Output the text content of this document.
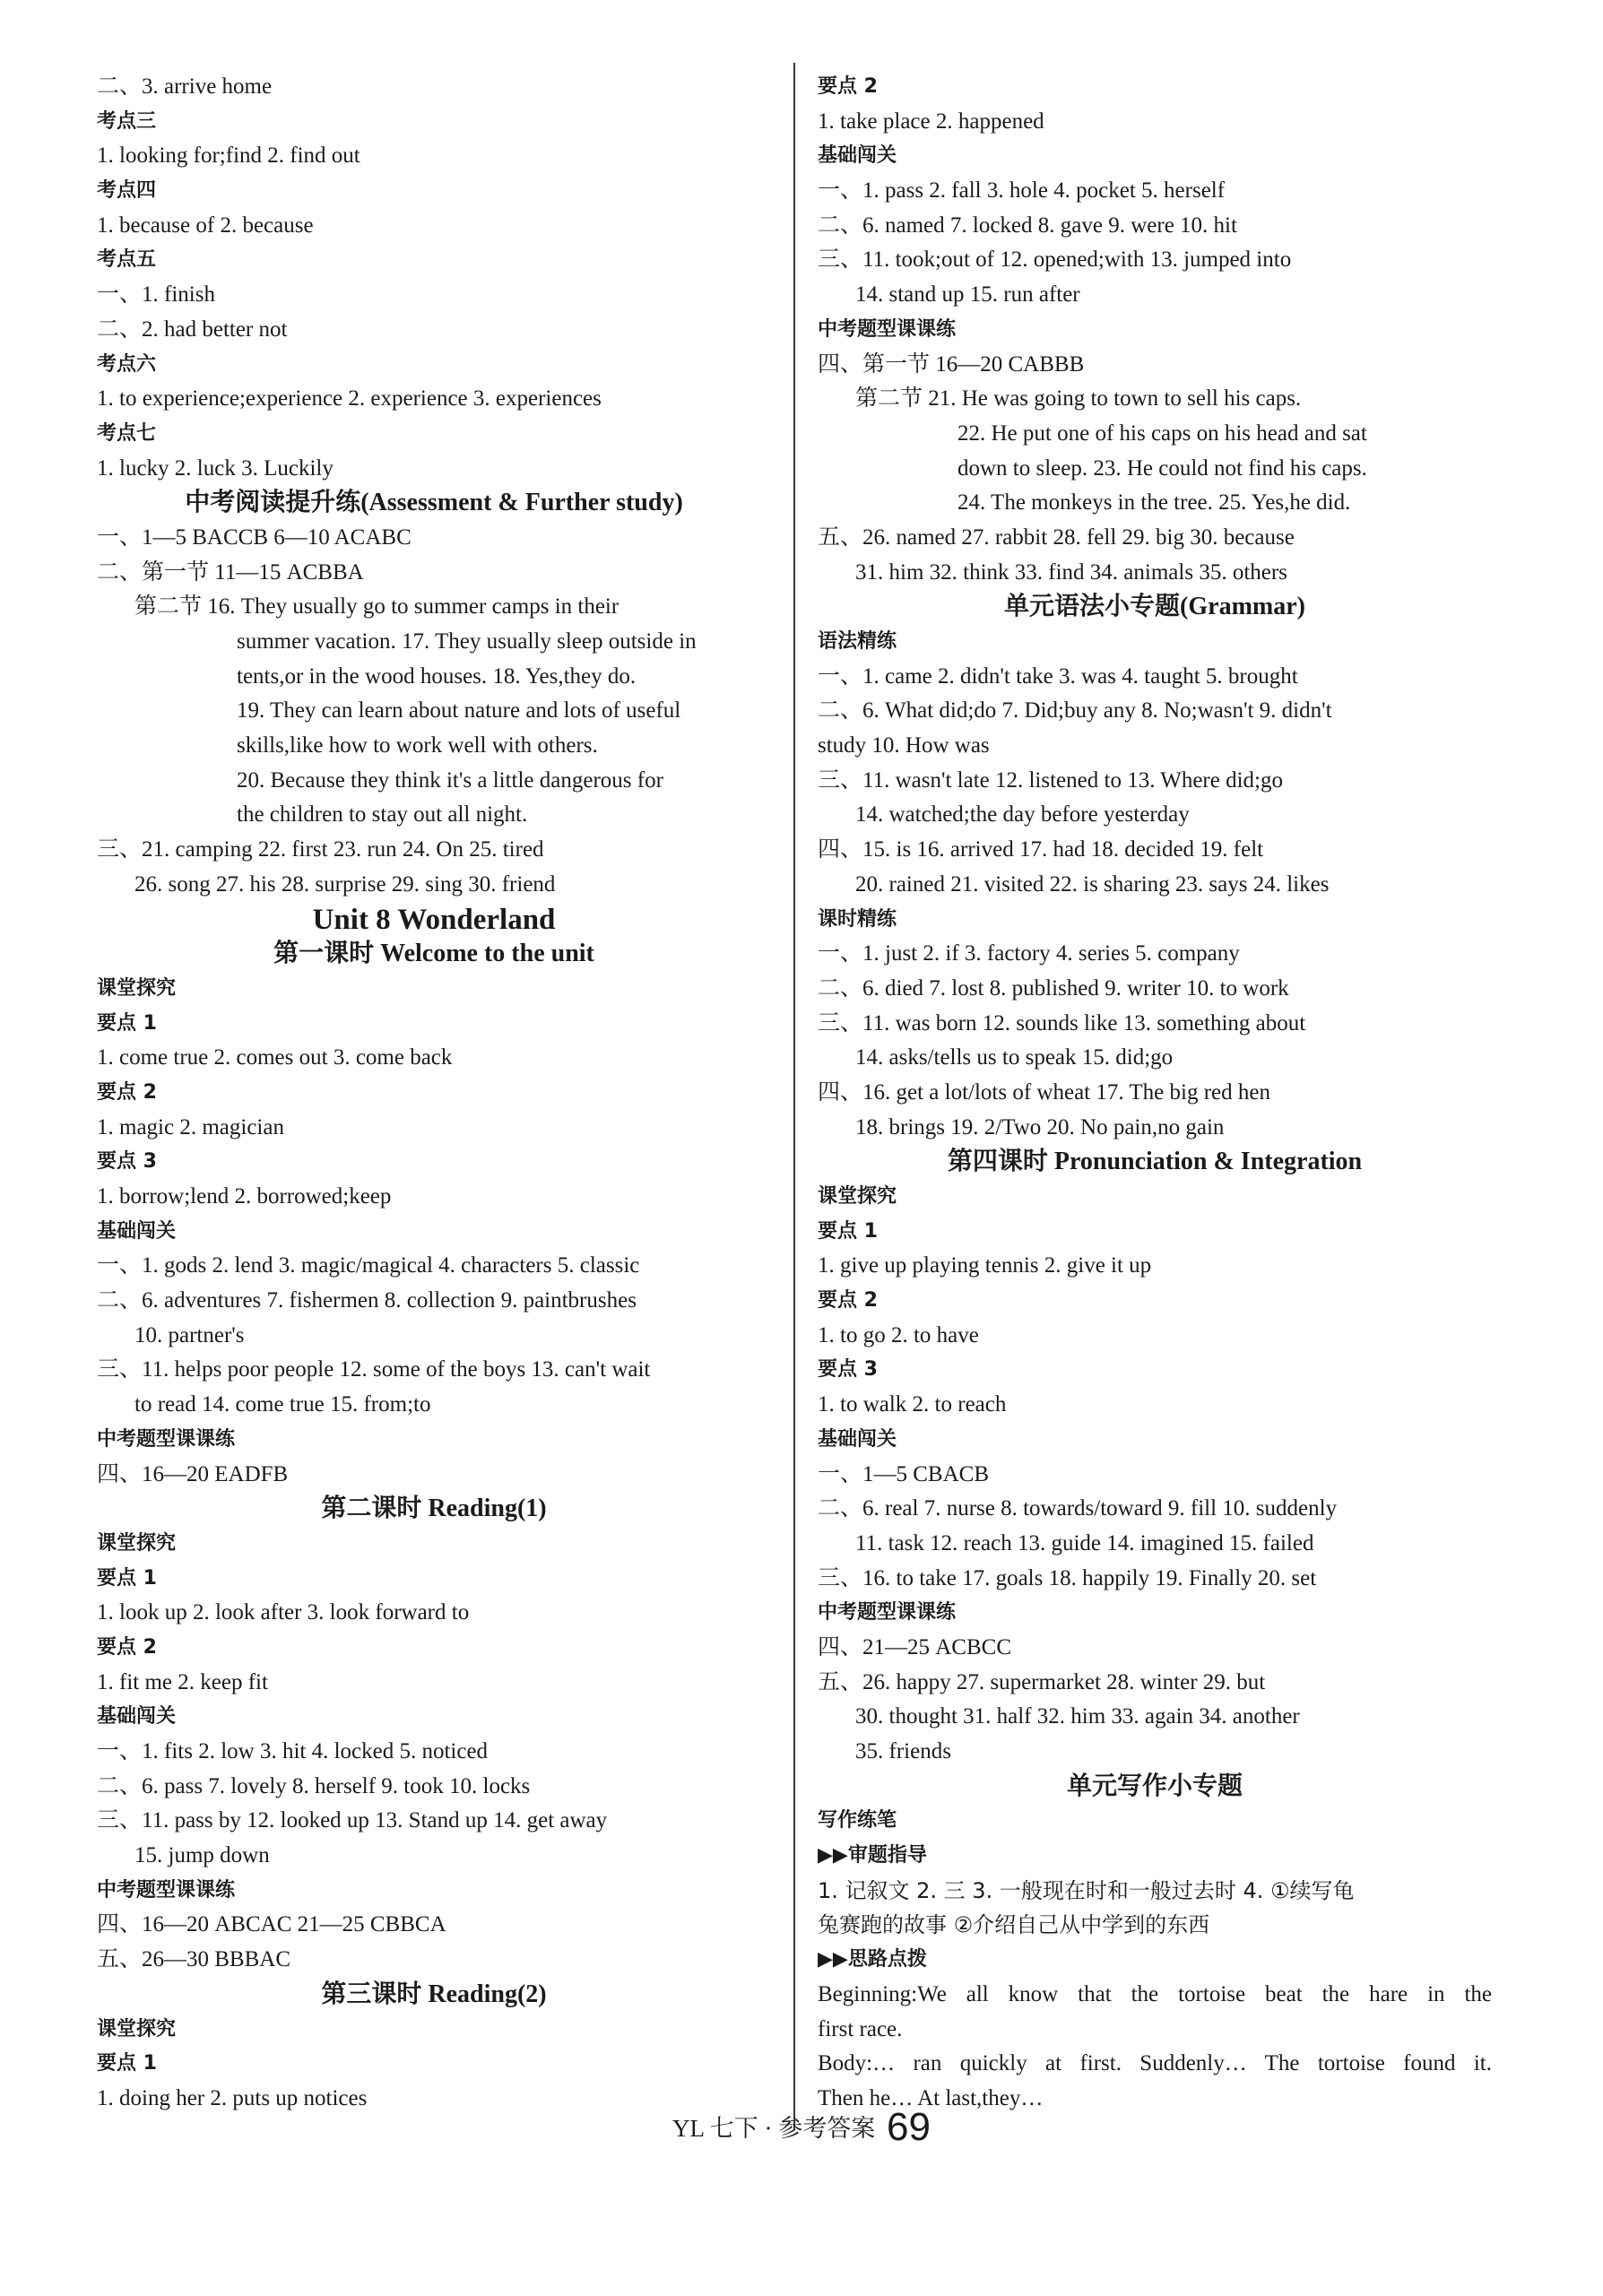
二、3. arrive home
考点三
1. looking for;find 2. find out
考点四
1. because of 2. because
考点五
一、1. finish
二、2. had better not
考点六
1. to experience;experience 2. experience 3. experiences
考点七
1. lucky 2. luck 3. Luckily
中考阅读提升练(Assessment & Further study)
一、1—5 BACCB 6—10 ACABC
二、第一节 11—15 ACBBA
第二节 16. They usually go to summer camps in their
summer vacation. 17. They usually sleep outside in
tents,or in the wood houses. 18. Yes,they do.
19. They can learn about nature and lots of useful
skills,like how to work well with others.
20. Because they think it's a little dangerous for
the children to stay out all night.
三、21. camping 22. first 23. run 24. On 25. tired
26. song 27. his 28. surprise 29. sing 30. friend
Unit 8 Wonderland
第一课时 Welcome to the unit
课堂探究
要点 1
1. come true 2. comes out 3. come back
要点 2
1. magic 2. magician
要点 3
1. borrow;lend 2. borrowed;keep
基础闯关
一、1. gods 2. lend 3. magic/magical 4. characters 5. classic
二、6. adventures 7. fishermen 8. collection 9. paintbrushes
10. partner's
三、11. helps poor people 12. some of the boys 13. can't wait
to read 14. come true 15. from;to
中考题型课课练
四、16—20 EADFB
第二课时 Reading(1)
课堂探究
要点 1
1. look up 2. look after 3. look forward to
要点 2
1. fit me 2. keep fit
基础闯关
一、1. fits 2. low 3. hit 4. locked 5. noticed
二、6. pass 7. lovely 8. herself 9. took 10. locks
三、11. pass by 12. looked up 13. Stand up 14. get away
15. jump down
中考题型课课练
四、16—20 ABCAC 21—25 CBBCA
五、26—30 BBBAC
第三课时 Reading(2)
课堂探究
要点 1
1. doing her 2. puts up notices
要点 2
1. take place 2. happened
基础闯关
一、1. pass 2. fall 3. hole 4. pocket 5. herself
二、6. named 7. locked 8. gave 9. were 10. hit
三、11. took;out of 12. opened;with 13. jumped into
14. stand up 15. run after
中考题型课课练
四、第一节 16—20 CABBB
第二节 21. He was going to town to sell his caps.
22. He put one of his caps on his head and sat
down to sleep. 23. He could not find his caps.
24. The monkeys in the tree. 25. Yes,he did.
五、26. named 27. rabbit 28. fell 29. big 30. because
31. him 32. think 33. find 34. animals 35. others
单元语法小专题(Grammar)
语法精练
一、1. came 2. didn't take 3. was 4. taught 5. brought
二、6. What did;do 7. Did;buy any 8. No;wasn't 9. didn't
study 10. How was
三、11. wasn't late 12. listened to 13. Where did;go
14. watched;the day before yesterday
四、15. is 16. arrived 17. had 18. decided 19. felt
20. rained 21. visited 22. is sharing 23. says 24. likes
课时精练
一、1. just 2. if 3. factory 4. series 5. company
二、6. died 7. lost 8. published 9. writer 10. to work
三、11. was born 12. sounds like 13. something about
14. asks/tells us to speak 15. did;go
四、16. get a lot/lots of wheat 17. The big red hen
18. brings 19. 2/Two 20. No pain,no gain
第四课时 Pronunciation & Integration
课堂探究
要点 1
1. give up playing tennis 2. give it up
要点 2
1. to go 2. to have
要点 3
1. to walk 2. to reach
基础闯关
一、1—5 CBACB
二、6. real 7. nurse 8. towards/toward 9. fill 10. suddenly
11. task 12. reach 13. guide 14. imagined 15. failed
三、16. to take 17. goals 18. happily 19. Finally 20. set
中考题型课课练
四、21—25 ACBCC
五、26. happy 27. supermarket 28. winter 29. but
30. thought 31. half 32. him 33. again 34. another
35. friends
单元写作小专题
写作练笔
▶▶审题指导
1. 记叙文 2. 三 3. 一般现在时和一般过去时 4. ①续写龟
兔赛跑的故事 ②介绍自己从中学到的东西
▶▶思路点拨
Beginning:We all know that the tortoise beat the hare in the
first race.
Body:… ran quickly at first. Suddenly… The tortoise found it.
Then he… At last,they…
YL 七下 · 参考答案 69
